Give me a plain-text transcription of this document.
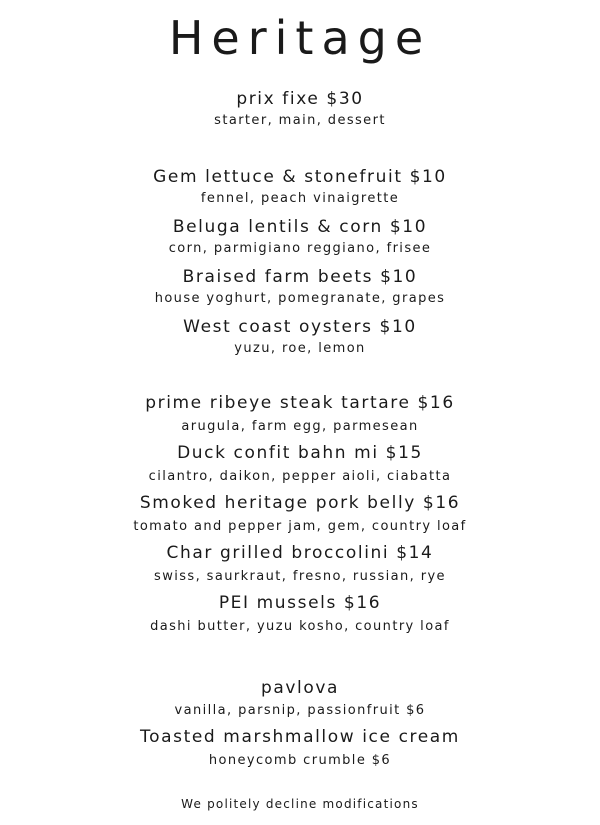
Heritage
prix fixe $30
starter, main, dessert
Gem lettuce & stonefruit $10
fennel, peach vinaigrette
Beluga lentils & corn $10
corn, parmigiano reggiano, frisee
Braised farm beets $10
house yoghurt, pomegranate, grapes
West coast oysters $10
yuzu, roe, lemon
prime ribeye steak tartare $16
arugula, farm egg, parmesean
Duck confit bahn mi $15
cilantro, daikon, pepper aioli, ciabatta
Smoked heritage pork belly $16
tomato and pepper jam, gem, country loaf
Char grilled broccolini $14
swiss, saurkraut, fresno, russian, rye
PEI mussels $16
dashi butter, yuzu kosho, country loaf
pavlova
vanilla, parsnip, passionfruit $6
Toasted marshmallow ice cream
honeycomb crumble $6
We politely decline modifications
